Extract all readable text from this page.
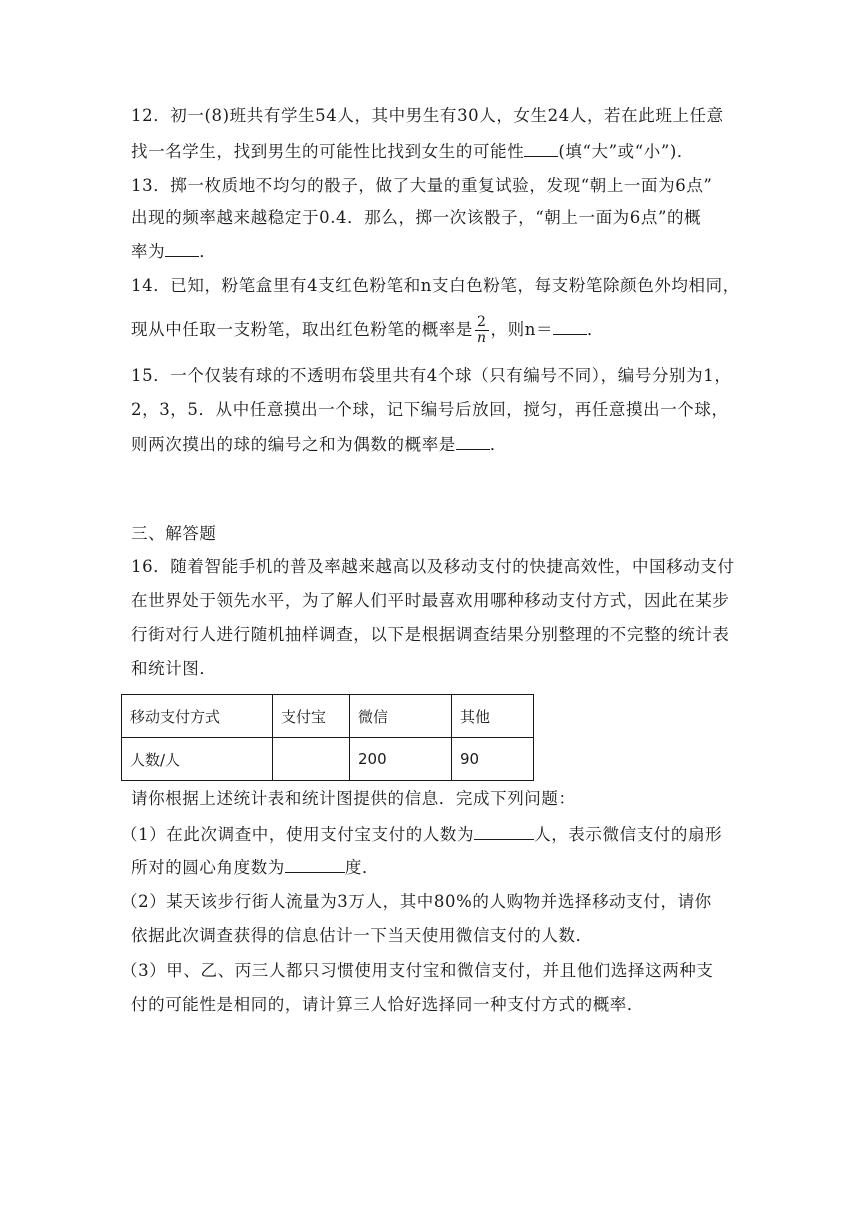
12．初一(8)班共有学生54人，其中男生有30人，女生24人，若在此班上任意
找一名学生，找到男生的可能性比找到女生的可能性 (填“大”或“小”)．
13．掷一枚质地不均匀的骰子，做了大量的重复试验，发现“朝上一面为6点”
出现的频率越来越稳定于0.4．那么，掷一次该骰子，“朝上一面为6点”的概
率为 ．
14．已知，粉笔盒里有4支红色粉笔和n支白色粉笔，每支粉笔除颜色外均相同，
现从中任取一支粉笔，取出红色粉笔的概率是 $\frac{2}{n}$ ，则n＝ ．
15．一个仅装有球的不透明布袋里共有4个球（只有编号不同），编号分别为1，
2，3，5．从中任意摸出一个球，记下编号后放回，搅匀，再任意摸出一个球，
则两次摸出的球的编号之和为偶数的概率是 ．
三、解答题
16．随着智能手机的普及率越来越高以及移动支付的快捷高效性，中国移动支付
在世界处于领先水平，为了解人们平时最喜欢用哪种移动支付方式，因此在某步
行街对行人进行随机抽样调查，以下是根据调查结果分别整理的不完整的统计表
和统计图．
移动支付方式	支付宝	微信	其他
人数/人		200	90
请你根据上述统计表和统计图提供的信息．完成下列问题：
（1）在此次调查中，使用支付宝支付的人数为	人，表示微信支付的扇形
所对的圆心角度数为	度．
（2）某天该步行街人流量为3万人，其中80%的人购物并选择移动支付，请你
依据此次调查获得的信息估计一下当天使用微信支付的人数．
（3）甲、乙、丙三人都只习惯使用支付宝和微信支付，并且他们选择这两种支
付的可能性是相同的，请计算三人恰好选择同一种支付方式的概率．
